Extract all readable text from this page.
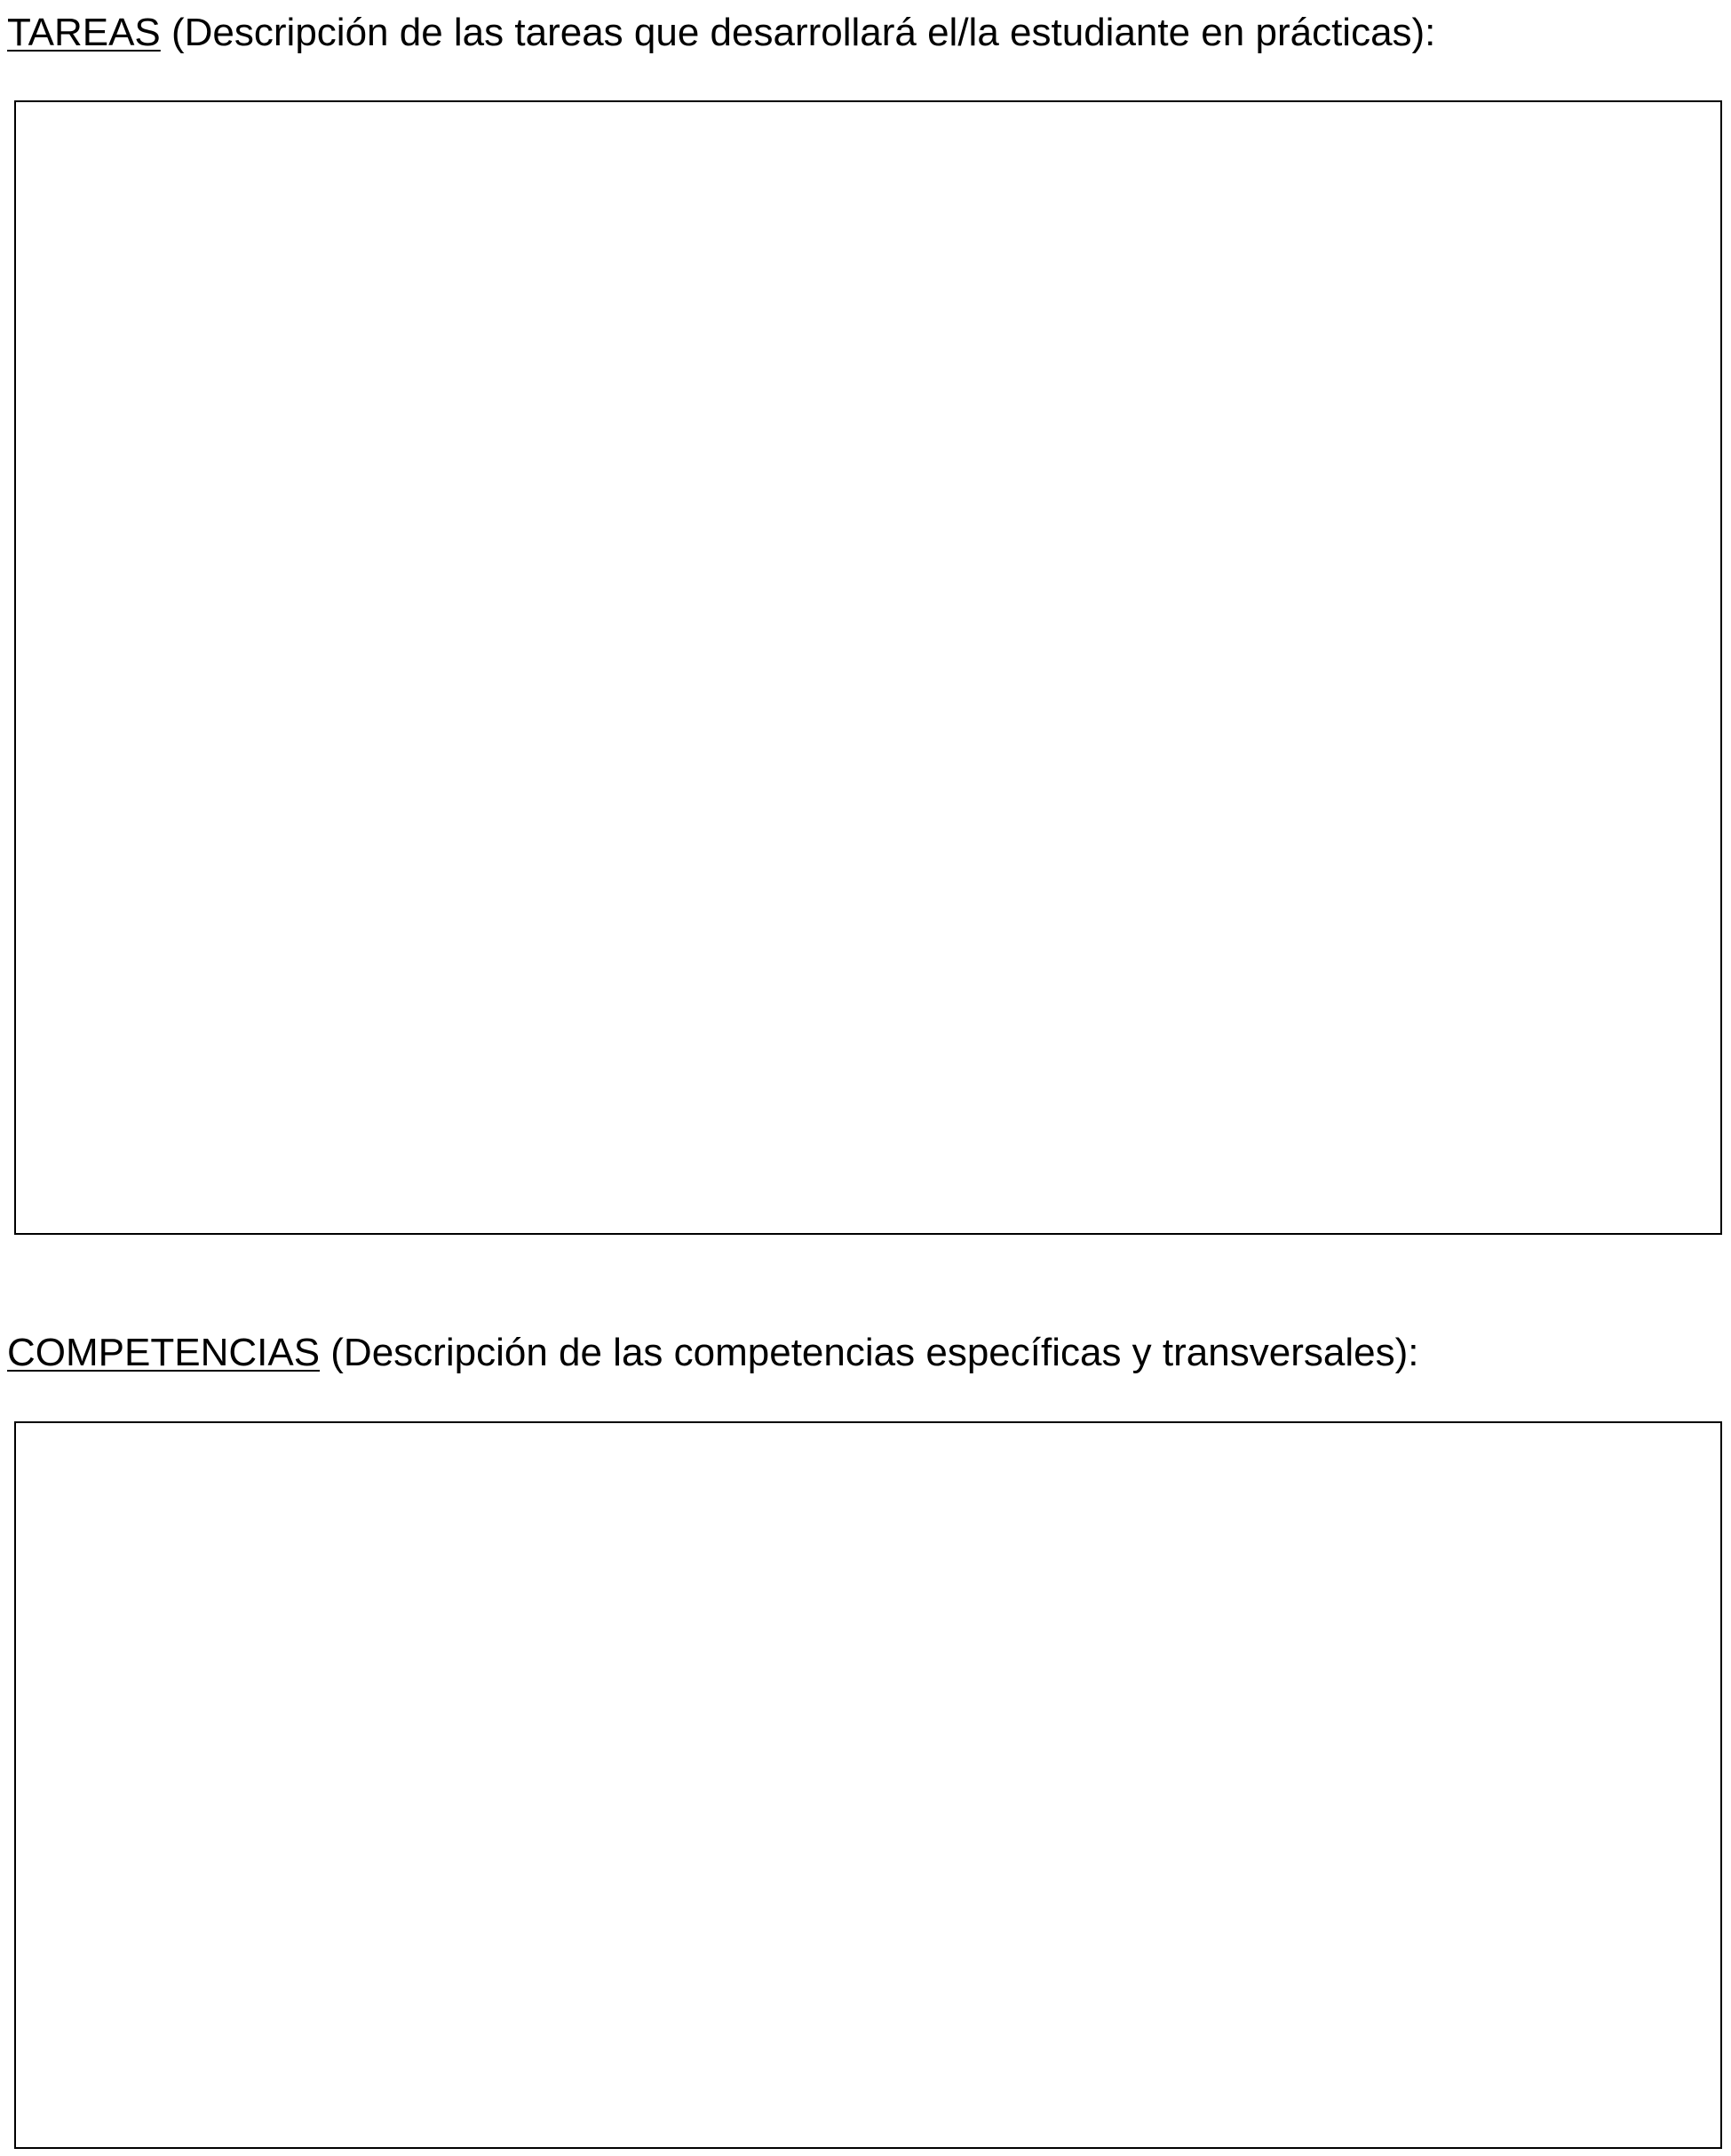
TAREAS (Descripción de las tareas que desarrollará el/la estudiante en prácticas):

COMPETENCIAS (Descripción de las competencias específicas y transversales):
